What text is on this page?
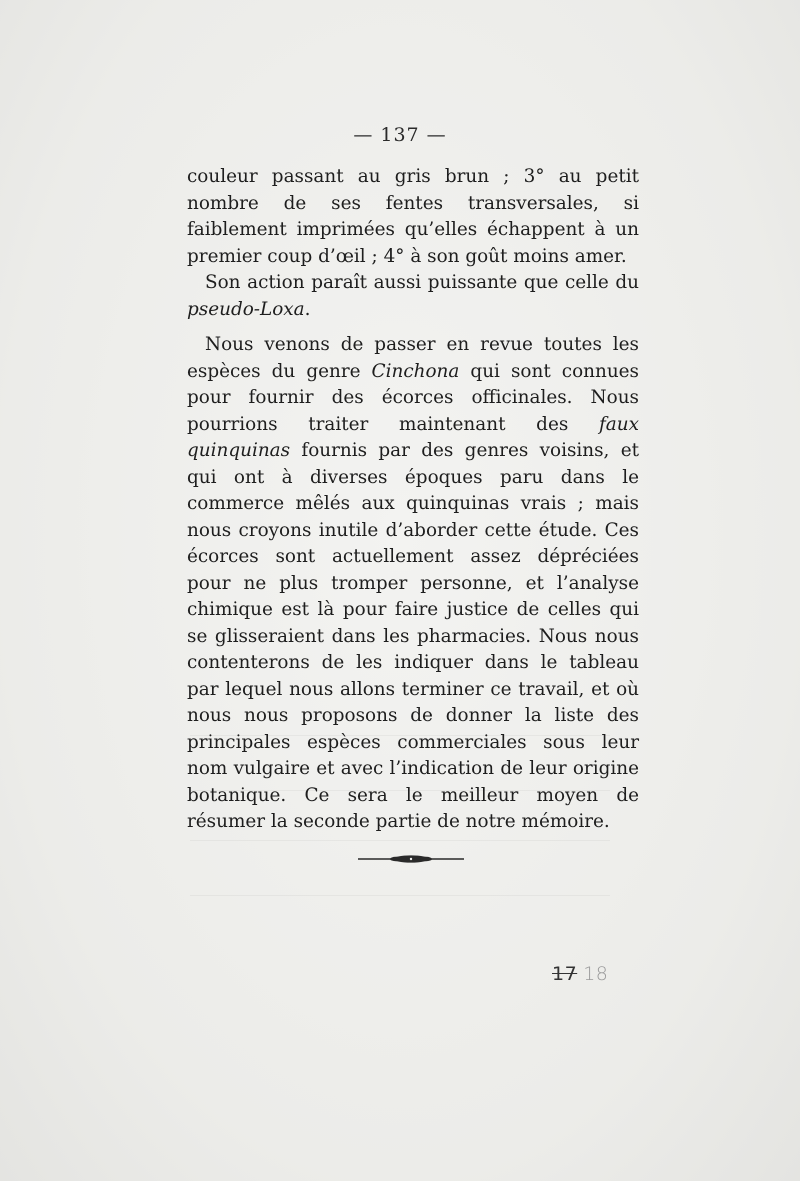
— 137 —

couleur passant au gris brun ; 3° au petit nombre de ses fentes transversales, si faiblement imprimées qu’elles échappent à un premier coup d’œil ; 4° à son goût moins amer.

Son action paraît aussi puissante que celle du pseudo-Loxa.

Nous venons de passer en revue toutes les espèces du genre Cinchona qui sont connues pour fournir des écorces officinales. Nous pourrions traiter maintenant des faux quinquinas fournis par des genres voisins, et qui ont à diverses époques paru dans le commerce mêlés aux quinquinas vrais ; mais nous croyons inutile d’aborder cette étude. Ces écorces sont actuellement assez dépréciées pour ne plus tromper personne, et l’analyse chimique est là pour faire justice de celles qui se glisseraient dans les pharmacies. Nous nous contenterons de les indiquer dans le tableau par lequel nous allons terminer ce travail, et où nous nous proposons de donner la liste des principales espèces commerciales sous leur nom vulgaire et avec l’indication de leur origine botanique. Ce sera le meilleur moyen de résumer la seconde partie de notre mémoire.

17 18
